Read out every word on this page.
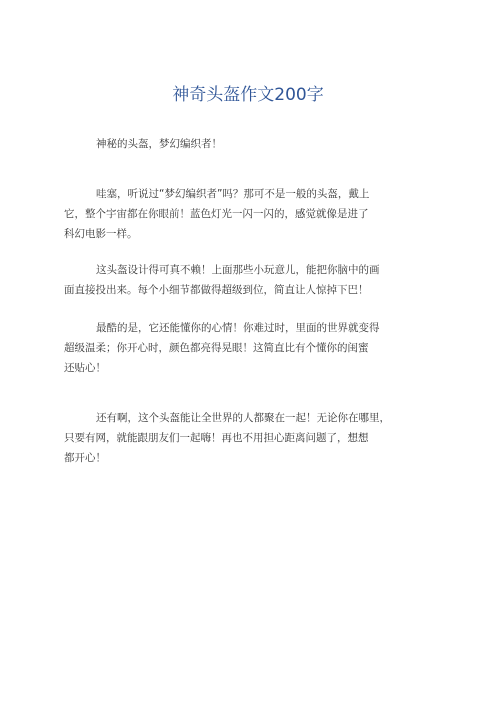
神奇头盔作文200字

神秘的头盔，梦幻编织者！

哇塞，听说过“梦幻编织者”吗？那可不是一般的头盔，戴上
它，整个宇宙都在你眼前！蓝色灯光一闪一闪的，感觉就像是进了
科幻电影一样。

这头盔设计得可真不赖！上面那些小玩意儿，能把你脑中的画
面直接投出来。每个小细节都做得超级到位，简直让人惊掉下巴！

最酷的是，它还能懂你的心情！你难过时，里面的世界就变得
超级温柔；你开心时，颜色都亮得晃眼！这简直比有个懂你的闺蜜
还贴心！

还有啊，这个头盔能让全世界的人都聚在一起！无论你在哪里，
只要有网，就能跟朋友们一起嗨！再也不用担心距离问题了，想想
都开心！
